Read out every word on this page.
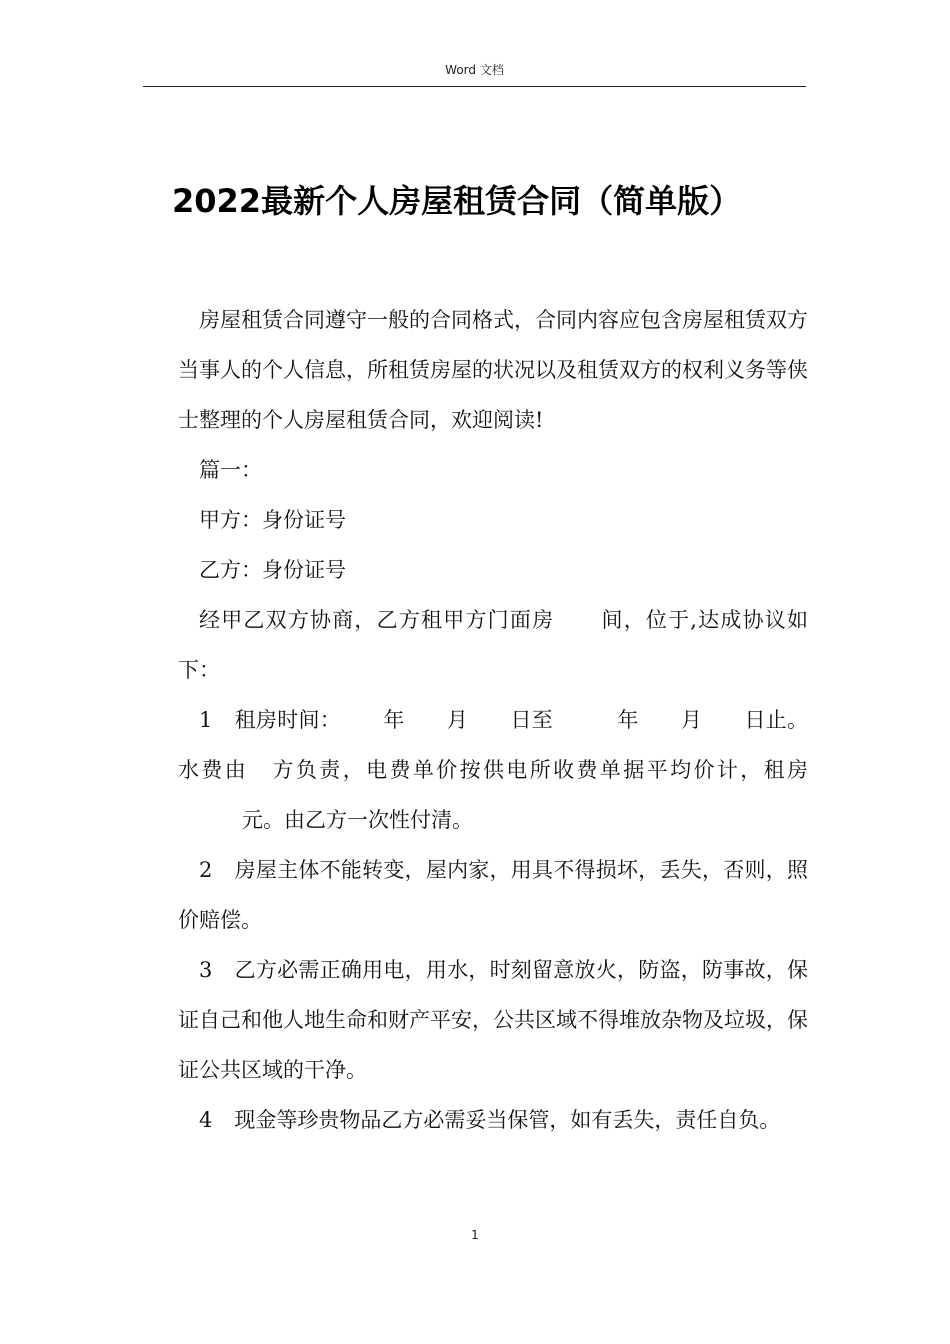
Word 文档
2022最新个人房屋租赁合同（简单版）

房屋租赁合同遵守一般的合同格式，合同内容应包含房屋租赁双方当事人的个人信息，所租赁房屋的状况以及租赁双方的权利义务等侠士整理的个人房屋租赁合同，欢迎阅读!

篇一：

甲方：身份证号

乙方：身份证号

经甲乙双方协商，乙方租甲方门面房 间，位于,达成协议如下：

1 租房时间： 年 月 日至	年 月 日止。水费由 方负责，电费单价按供电所收费单据平均价计，租房元。由乙方一次性付清。

2 房屋主体不能转变，屋内家，用具不得损坏，丢失，否则，照价赔偿。

3 乙方必需正确用电，用水，时刻留意放火，防盗，防事故，保证自己和他人地生命和财产平安，公共区域不得堆放杂物及垃圾，保证公共区域的干净。

4 现金等珍贵物品乙方必需妥当保管，如有丢失，责任自负。

1
